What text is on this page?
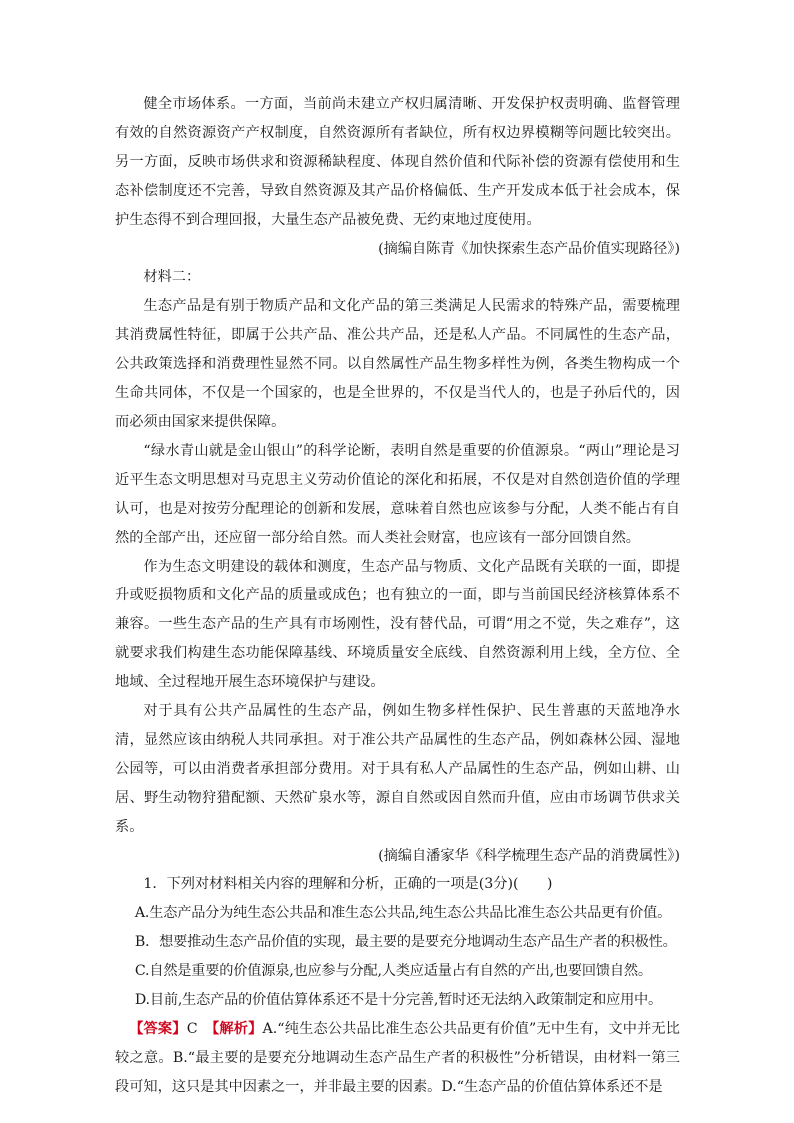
健全市场体系。一方面，当前尚未建立产权归属清晰、开发保护权责明确、监督管理有效的自然资源资产产权制度，自然资源所有者缺位，所有权边界模糊等问题比较突出。另一方面，反映市场供求和资源稀缺程度、体现自然价值和代际补偿的资源有偿使用和生态补偿制度还不完善，导致自然资源及其产品价格偏低、生产开发成本低于社会成本，保护生态得不到合理回报，大量生态产品被免费、无约束地过度使用。

(摘编自陈青《加快探索生态产品价值实现路径》)

材料二：

生态产品是有别于物质产品和文化产品的第三类满足人民需求的特殊产品，需要梳理其消费属性特征，即属于公共产品、准公共产品，还是私人产品。不同属性的生态产品，公共政策选择和消费理性显然不同。以自然属性产品生物多样性为例，各类生物构成一个生命共同体，不仅是一个国家的，也是全世界的，不仅是当代人的，也是子孙后代的，因而必须由国家来提供保障。

“绿水青山就是金山银山”的科学论断，表明自然是重要的价值源泉。“两山”理论是习近平生态文明思想对马克思主义劳动价值论的深化和拓展，不仅是对自然创造价值的学理认可，也是对按劳分配理论的创新和发展，意味着自然也应该参与分配，人类不能占有自然的全部产出，还应留一部分给自然。而人类社会财富，也应该有一部分回馈自然。

作为生态文明建设的载体和测度，生态产品与物质、文化产品既有关联的一面，即提升或贬损物质和文化产品的质量或成色；也有独立的一面，即与当前国民经济核算体系不兼容。一些生态产品的生产具有市场刚性，没有替代品，可谓“用之不觉，失之难存”，这就要求我们构建生态功能保障基线、环境质量安全底线、自然资源利用上线，全方位、全地域、全过程地开展生态环境保护与建设。

对于具有公共产品属性的生态产品，例如生物多样性保护、民生普惠的天蓝地净水清，显然应该由纳税人共同承担。对于准公共产品属性的生态产品，例如森林公园、湿地公园等，可以由消费者承担部分费用。对于具有私人产品属性的生态产品，例如山耕、山居、野生动物狩猎配额、天然矿泉水等，源自自然或因自然而升值，应由市场调节供求关系。

(摘编自潘家华《科学梳理生态产品的消费属性》)

1．下列对材料相关内容的理解和分析，正确的一项是(3分)(　　)

A.生态产品分为纯生态公共品和准生态公共品,纯生态公共品比准生态公共品更有价值。

B．想要推动生态产品价值的实现，最主要的是要充分地调动生态产品生产者的积极性。

C.自然是重要的价值源泉,也应参与分配,人类应适量占有自然的产出,也要回馈自然。

D.目前,生态产品的价值估算体系还不是十分完善,暂时还无法纳入政策制定和应用中。

【答案】C　【解析】A.“纯生态公共品比准生态公共品更有价值”无中生有，文中并无比较之意。B.“最主要的是要充分地调动生态产品生产者的积极性”分析错误，由材料一第三段可知，这只是其中因素之一，并非最主要的因素。D.“生态产品的价值估算体系还不是
